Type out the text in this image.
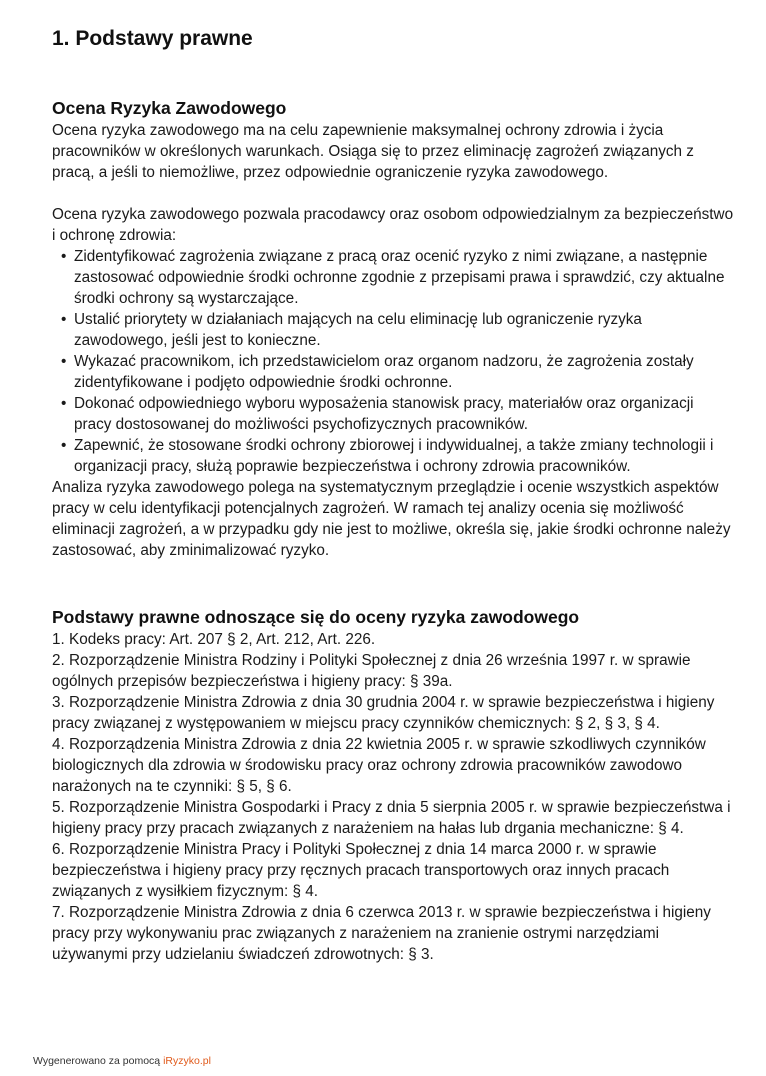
1. Podstawy prawne
Ocena Ryzyka Zawodowego

Ocena ryzyka zawodowego ma na celu zapewnienie maksymalnej ochrony zdrowia i życia pracowników w określonych warunkach. Osiąga się to przez eliminację zagrożeń związanych z pracą, a jeśli to niemożliwe, przez odpowiednie ograniczenie ryzyka zawodowego.

Ocena ryzyka zawodowego pozwala pracodawcy oraz osobom odpowiedzialnym za bezpieczeństwo i ochronę zdrowia:

• Zidentyfikować zagrożenia związane z pracą oraz ocenić ryzyko z nimi związane, a następnie zastosować odpowiednie środki ochronne zgodnie z przepisami prawa i sprawdzić, czy aktualne środki ochrony są wystarczające.
• Ustalić priorytety w działaniach mających na celu eliminację lub ograniczenie ryzyka zawodowego, jeśli jest to konieczne.
• Wykazać pracownikom, ich przedstawicielom oraz organom nadzoru, że zagrożenia zostały zidentyfikowane i podjęto odpowiednie środki ochronne.
• Dokonać odpowiedniego wyboru wyposażenia stanowisk pracy, materiałów oraz organizacji pracy dostosowanej do możliwości psychofizycznych pracowników.
• Zapewnić, że stosowane środki ochrony zbiorowej i indywidualnej, a także zmiany technologii i organizacji pracy, służą poprawie bezpieczeństwa i ochrony zdrowia pracowników.

Analiza ryzyka zawodowego polega na systematycznym przeglądzie i ocenie wszystkich aspektów pracy w celu identyfikacji potencjalnych zagrożeń. W ramach tej analizy ocenia się możliwość eliminacji zagrożeń, a w przypadku gdy nie jest to możliwe, określa się, jakie środki ochronne należy zastosować, aby zminimalizować ryzyko.

Podstawy prawne odnoszące się do oceny ryzyka zawodowego
1. Kodeks pracy: Art. 207 § 2, Art. 212, Art. 226.
2. Rozporządzenie Ministra Rodziny i Polityki Społecznej z dnia 26 września 1997 r. w sprawie ogólnych przepisów bezpieczeństwa i higieny pracy: § 39a.
3. Rozporządzenie Ministra Zdrowia z dnia 30 grudnia 2004 r. w sprawie bezpieczeństwa i higieny pracy związanej z występowaniem w miejscu pracy czynników chemicznych: § 2, § 3, § 4.
4. Rozporządzenia Ministra Zdrowia z dnia 22 kwietnia 2005 r. w sprawie szkodliwych czynników biologicznych dla zdrowia w środowisku pracy oraz ochrony zdrowia pracowników zawodowo narażonych na te czynniki: § 5, § 6.
5. Rozporządzenie Ministra Gospodarki i Pracy z dnia 5 sierpnia 2005 r. w sprawie bezpieczeństwa i higieny pracy przy pracach związanych z narażeniem na hałas lub drgania mechaniczne: § 4.
6. Rozporządzenie Ministra Pracy i Polityki Społecznej z dnia 14 marca 2000 r. w sprawie bezpieczeństwa i higieny pracy przy ręcznych pracach transportowych oraz innych pracach związanych z wysiłkiem fizycznym: § 4.
7. Rozporządzenie Ministra Zdrowia z dnia 6 czerwca 2013 r. w sprawie bezpieczeństwa i higieny pracy przy wykonywaniu prac związanych z narażeniem na zranienie ostrymi narzędziami używanymi przy udzielaniu świadczeń zdrowotnych: § 3.
Wygenerowano za pomocą iRyzyko.pl
